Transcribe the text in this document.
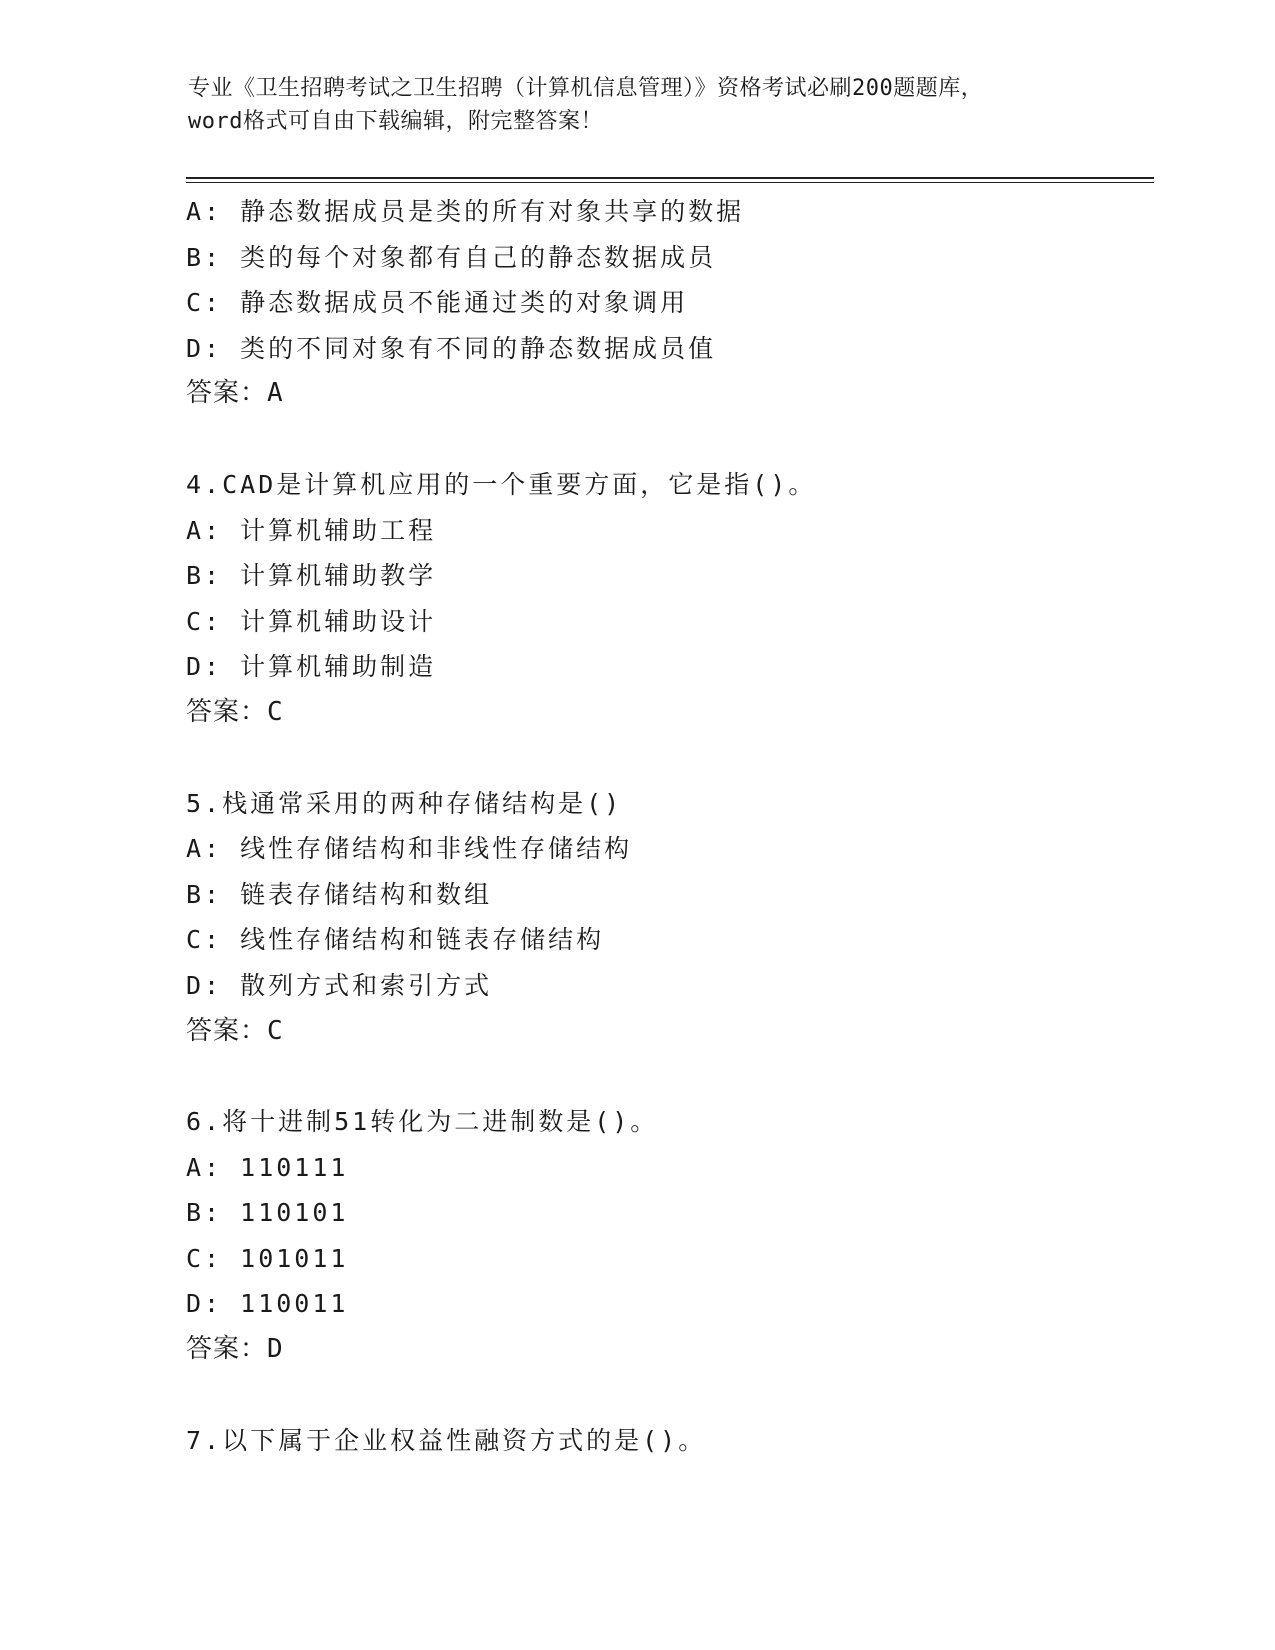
专业《卫生招聘考试之卫生招聘（计算机信息管理）》资格考试必刷200题题库，
word格式可自由下载编辑，附完整答案！
A: 静态数据成员是类的所有对象共享的数据
B: 类的每个对象都有自己的静态数据成员
C: 静态数据成员不能通过类的对象调用
D: 类的不同对象有不同的静态数据成员值
答案：A
4.CAD是计算机应用的一个重要方面，它是指()。
A: 计算机辅助工程
B: 计算机辅助教学
C: 计算机辅助设计
D: 计算机辅助制造
答案：C
5.栈通常采用的两种存储结构是()
A: 线性存储结构和非线性存储结构
B: 链表存储结构和数组
C: 线性存储结构和链表存储结构
D: 散列方式和索引方式
答案：C
6.将十进制51转化为二进制数是()。
A: 110111
B: 110101
C: 101011
D: 110011
答案：D
7.以下属于企业权益性融资方式的是()。
